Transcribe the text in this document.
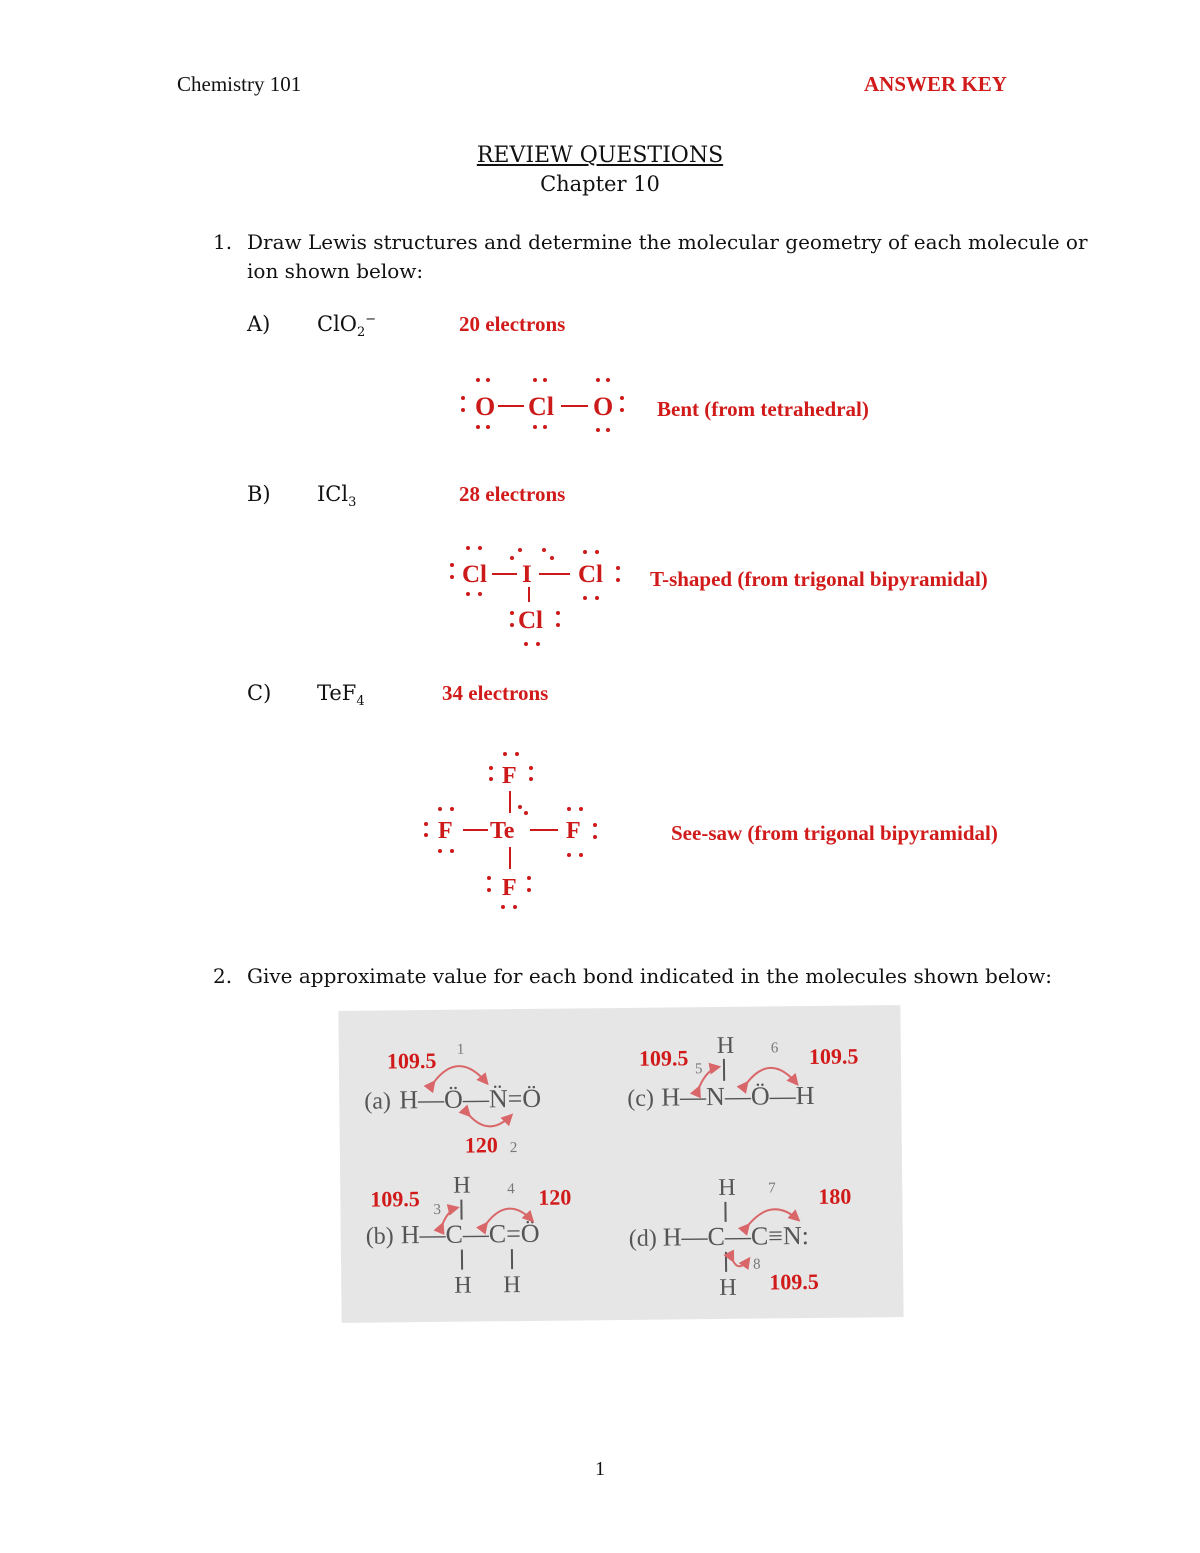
Chemistry 101	ANSWER KEY
REVIEW QUESTIONS
Chapter 10
1. Draw Lewis structures and determine the molecular geometry of each molecule or ion shown below:
A) ClO$_2$−	20 electrons
O Cl O Bent (from tetrahedral)
B) ICl$_3$	28 electrons
Cl I Cl
Cl
T-shaped (from trigonal bipyramidal)
C) TeF$_4$	34 electrons
F
F Te F
F
See-saw (from trigonal bipyramidal)
2. Give approximate value for each bond indicated in the molecules shown below:
(a) H—Ö—N̈=Ö
109.5 1
120 2
(c) H—N—Ö—H
H
109.5 5
6 109.5
(b) H—C—C=Ö
H
H H
109.5 3
4 120
(d) H—C—C≡N:
H
H
7 180
8
109.5
1
